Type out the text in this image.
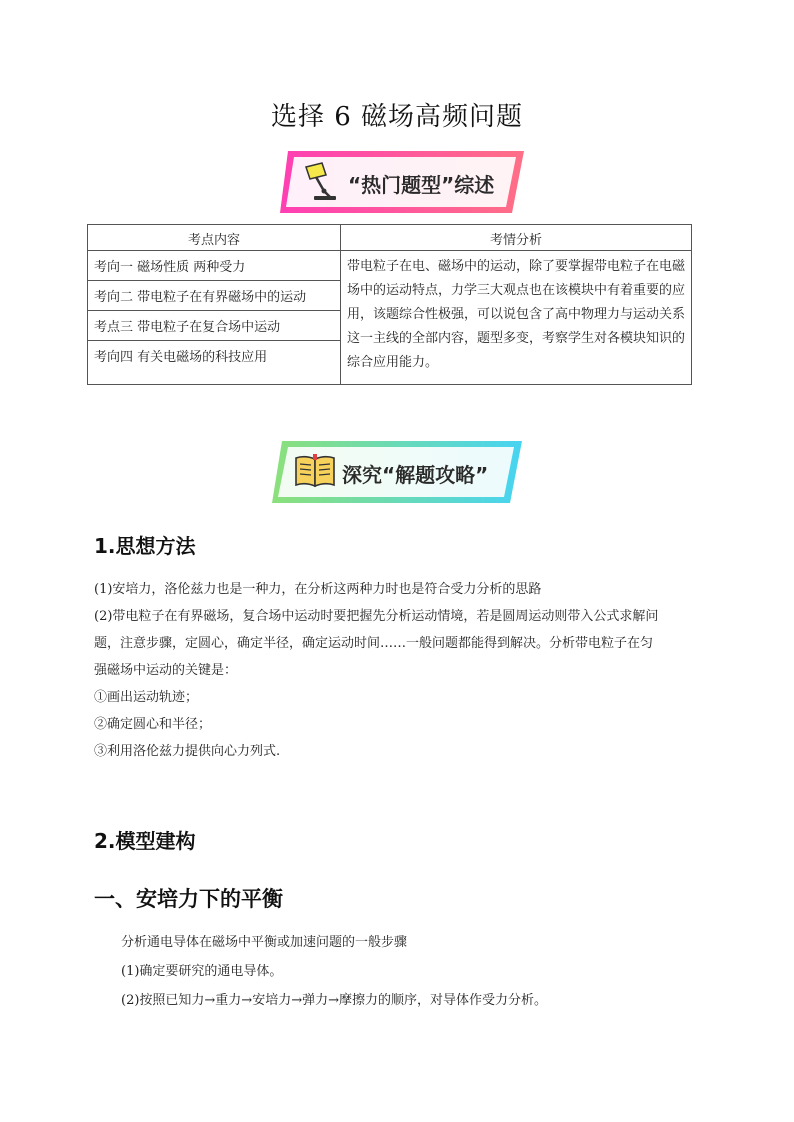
选择 6 磁场高频问题
“热门题型”综述
考点内容	考情分析
考向一 磁场性质 两种受力	带电粒子在电、磁场中的运动，除了要掌握带电粒子在电磁场中的运动特点，力学三大观点也在该模块中有着重要的应用，该题综合性极强，可以说包含了高中物理力与运动关系这一主线的全部内容，题型多变，考察学生对各模块知识的综合应用能力。
考向二 带电粒子在有界磁场中的运动	
考点三 带电粒子在复合场中运动	
考向四 有关电磁场的科技应用	
深究“解题攻略”
1.思想方法
(1)安培力，洛伦兹力也是一种力，在分析这两种力时也是符合受力分析的思路
(2)带电粒子在有界磁场，复合场中运动时要把握先分析运动情境，若是圆周运动则带入公式求解问
题，注意步骤，定圆心，确定半径，确定运动时间……一般问题都能得到解决。分析带电粒子在匀
强磁场中运动的关键是：
①画出运动轨迹；
②确定圆心和半径；
③利用洛伦兹力提供向心力列式.
2.模型建构
一、安培力下的平衡
分析通电导体在磁场中平衡或加速问题的一般步骤
(1)确定要研究的通电导体。
(2)按照已知力→重力→安培力→弹力→摩擦力的顺序，对导体作受力分析。
